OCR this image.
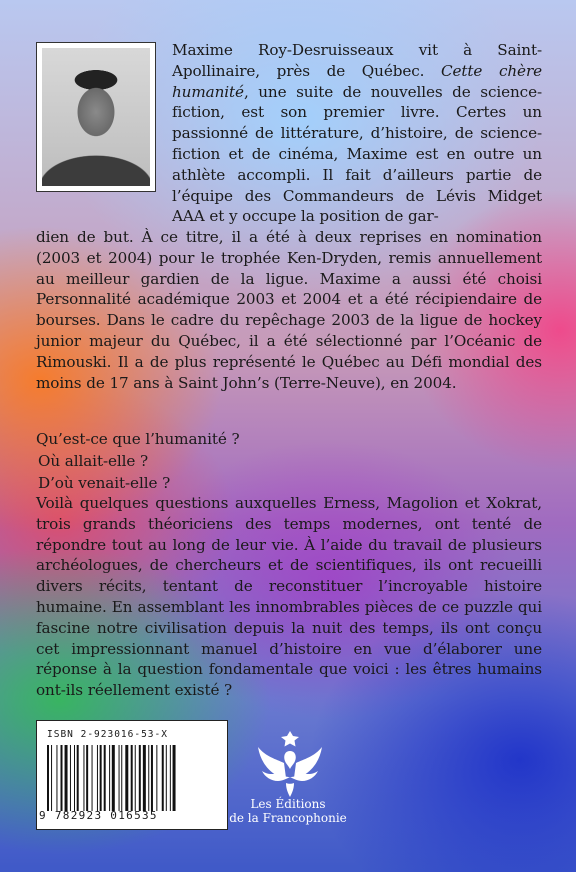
Maxime Roy-Desruisseaux vit à Saint-Apollinaire, près de Québec. Cette chère humanité, une suite de nouvelles de science-fiction, est son premier livre. Certes un passionné de littérature, d’histoire, de science-fiction et de cinéma, Maxime est en outre un athlète accompli. Il fait d’ailleurs partie de l’équipe des Commandeurs de Lévis Midget AAA et y occupe la position de gar-
dien de but. À ce titre, il a été à deux reprises en nomination (2003 et 2004) pour le trophée Ken-Dryden, remis annuellement au meilleur gardien de la ligue. Maxime a aussi été choisi Personnalité académique 2003 et 2004 et a été récipiendaire de bourses. Dans le cadre du repêchage 2003 de la ligue de hockey junior majeur du Québec, il a été sélectionné par l’Océanic de Rimouski. Il a de plus représenté le Québec au Défi mondial des moins de 17 ans à Saint John’s (Terre-Neuve), en 2004.
Qu’est-ce que l’humanité ?
Où allait-elle ?
D’où venait-elle ?
Voilà quelques questions auxquelles Erness, Magolion et Xokrat, trois grands théoriciens des temps modernes, ont tenté de répondre tout au long de leur vie. À l’aide du travail de plusieurs archéologues, de chercheurs et de scientifiques, ils ont recueilli divers récits, tentant de reconstituer l’incroyable histoire humaine. En assemblant les innombrables pièces de ce puzzle qui fascine notre civilisation depuis la nuit des temps, ils ont conçu cet impressionnant manuel d’histoire en vue d’élaborer une réponse à la question fondamentale que voici : les êtres humains ont-ils réellement existé ?
ISBN 2-923016-53-X
9 782923 016535
Les Éditions
de la Francophonie
